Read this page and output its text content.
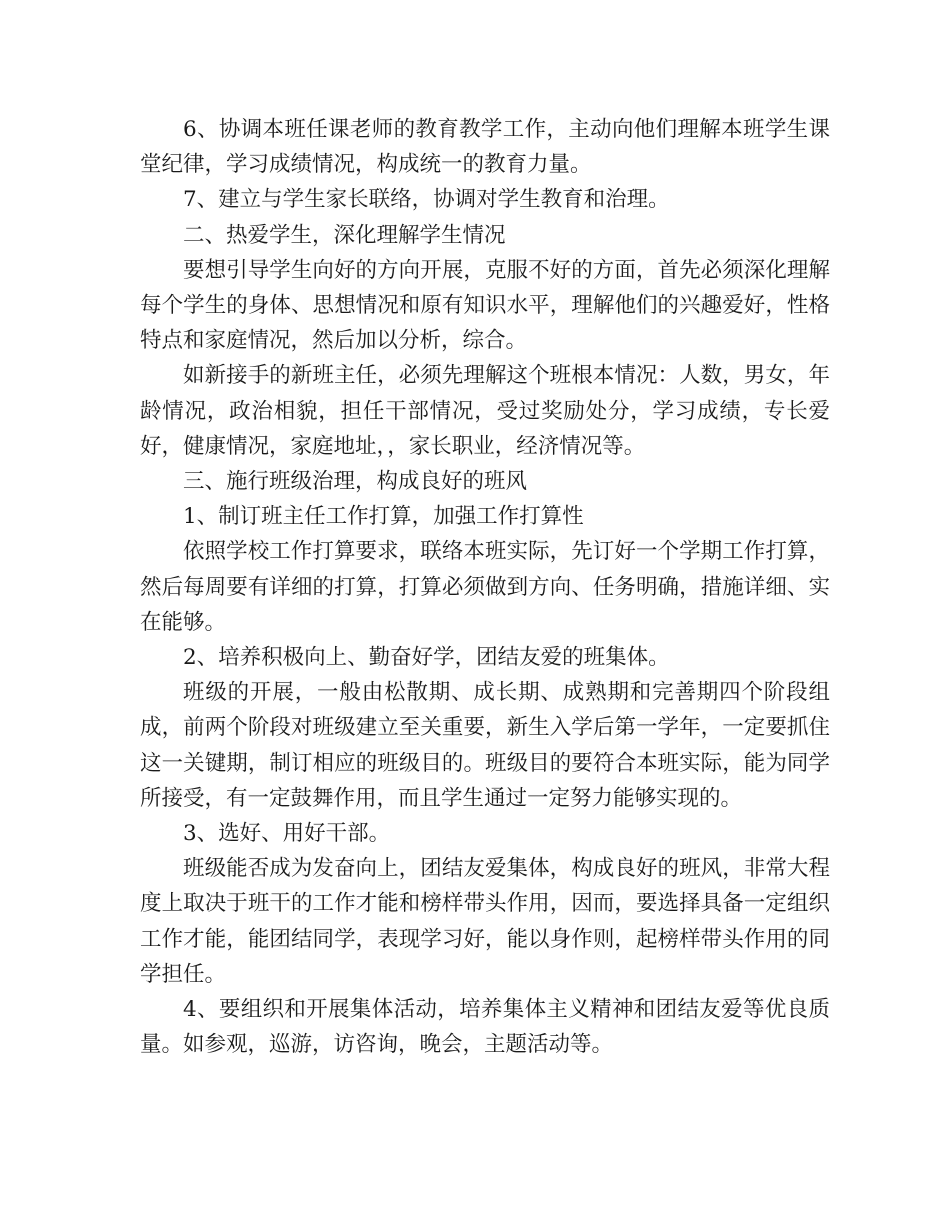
6、协调本班任课老师的教育教学工作，主动向他们理解本班学生课堂纪律，学习成绩情况，构成统一的教育力量。

7、建立与学生家长联络，协调对学生教育和治理。

二、热爱学生，深化理解学生情况

要想引导学生向好的方向开展，克服不好的方面，首先必须深化理解每个学生的身体、思想情况和原有知识水平，理解他们的兴趣爱好，性格特点和家庭情况，然后加以分析，综合。

如新接手的新班主任，必须先理解这个班根本情况：人数，男女，年龄情况，政治相貌，担任干部情况，受过奖励处分，学习成绩，专长爱好，健康情况，家庭地址，，家长职业，经济情况等。

三、施行班级治理，构成良好的班风

1、制订班主任工作打算，加强工作打算性

依照学校工作打算要求，联络本班实际，先订好一个学期工作打算，然后每周要有详细的打算，打算必须做到方向、任务明确，措施详细、实在能够。

2、培养积极向上、勤奋好学，团结友爱的班集体。

班级的开展，一般由松散期、成长期、成熟期和完善期四个阶段组成，前两个阶段对班级建立至关重要，新生入学后第一学年，一定要抓住这一关键期，制订相应的班级目的。班级目的要符合本班实际，能为同学所接受，有一定鼓舞作用，而且学生通过一定努力能够实现的。

3、选好、用好干部。

班级能否成为发奋向上，团结友爱集体，构成良好的班风，非常大程度上取决于班干的工作才能和榜样带头作用，因而，要选择具备一定组织工作才能，能团结同学，表现学习好，能以身作则，起榜样带头作用的同学担任。

4、要组织和开展集体活动，培养集体主义精神和团结友爱等优良质量。如参观，巡游，访咨询，晚会，主题活动等。
